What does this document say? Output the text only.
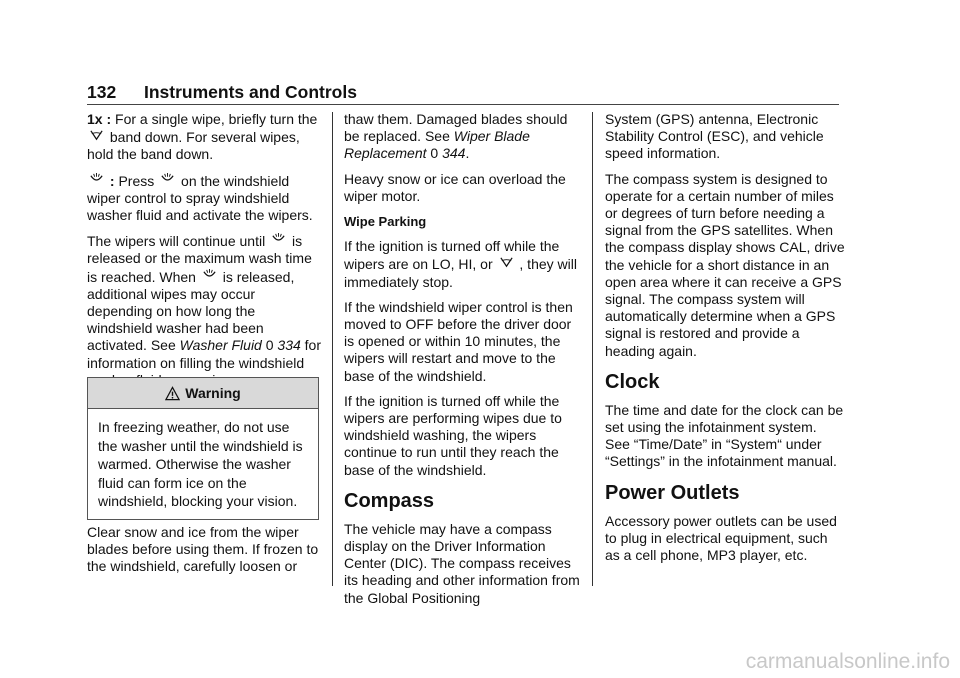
132 Instruments and Controls

1x : For a single wipe, briefly turn the
band down. For several wipes, hold the band down.

: Press on the windshield wiper control to spray windshield washer fluid and activate the wipers.

The wipers will continue until is released or the maximum wash time is reached. When is released, additional wipes may occur depending on how long the windshield washer had been activated. See Washer Fluid 0 334 for information on filling the windshield

Warning
In freezing weather, do not use the washer until the windshield is warmed. Otherwise the washer fluid can form ice on the windshield, blocking your vision.

Clear snow and ice from the wiper blades before using them. If frozen to the windshield, carefully loosen or

thaw them. Damaged blades should be replaced. See Wiper Blade Replacement 0 344.

Heavy snow or ice can overload the wiper motor.

Wipe Parking

If the ignition is turned off while the wipers are on LO, HI, or , they will immediately stop.

If the windshield wiper control is then moved to OFF before the driver door is opened or within 10 minutes, the wipers will restart and move to the base of the windshield.

If the ignition is turned off while the wipers are performing wipes due to windshield washing, the wipers continue to run until they reach the base of the windshield.

Compass

The vehicle may have a compass display on the Driver Information Center (DIC). The compass receives its heading and other information from the Global Positioning

System (GPS) antenna, Electronic Stability Control (ESC), and vehicle speed information.

The compass system is designed to operate for a certain number of miles or degrees of turn before needing a signal from the GPS satellites. When the compass display shows CAL, drive the vehicle for a short distance in an open area where it can receive a GPS signal. The compass system will automatically determine when a GPS signal is restored and provide a heading again.

Clock

The time and date for the clock can be set using the infotainment system. See “Time/Date” in “System“ under “Settings” in the infotainment manual.

Power Outlets

Accessory power outlets can be used to plug in electrical equipment, such as a cell phone, MP3 player, etc.

carmanualsonline.info
